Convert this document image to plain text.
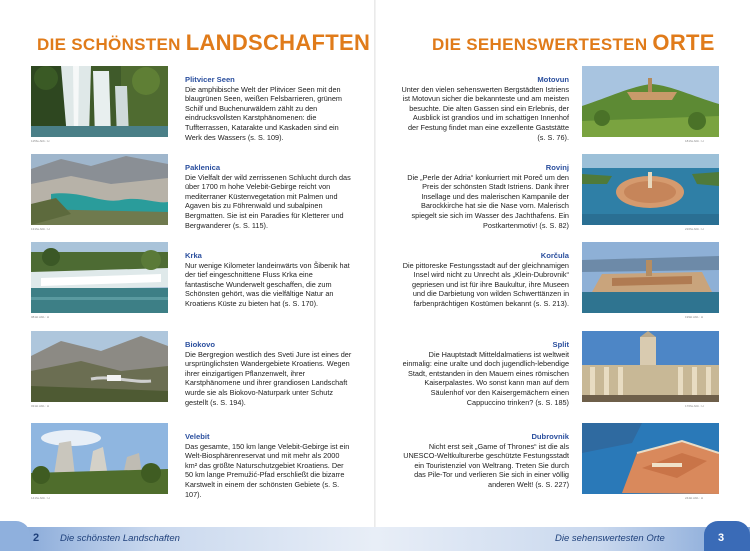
DIE SCHÖNSTEN LANDSCHAFTEN
115fw Abb.: H
Plitvicer Seen
Die amphibische Welt der Plitvicer Seen mit den blaugrünen Seen, weißen Felsbarrieren, grünem Schilf und Buchenurwäldern zählt zu den eindrucksvollsten Karstphänomenen: die Tuffterrassen, Katarakte und Kaskaden sind ein Werk des Wassers (s. S. 109).
131fw Abb.: H
Paklenica
Die Vielfalt der wild zerrissenen Schlucht durch das über 1700 m hohe Velebit-Gebirge reicht von mediterraner Küstenvegetation mit Palmen und Agaven bis zu Föhrenwald und subalpinen Bergmatten. Sie ist ein Paradies für Kletterer und Bergwanderer (s. S. 115).
081kt Abb.: H
Krka
Nur wenige Kilometer landeinwärts von Šibenik hat der tief eingeschnittene Fluss Krka eine fantastische Wunderwelt geschaffen, die zum Schönsten gehört, was die vielfältige Natur an Kroatiens Küste zu bieten hat (s. S. 170).
031kt Abb.: H
Biokovo
Die Bergregion westlich des Sveti Jure ist eines der ursprünglichsten Wandergebiete Kroatiens. Wegen ihrer einzigartigen Pflanzenwelt, ihrer Karstphänomene und ihrer grandiosen Landschaft wurde sie als Biokovo-Naturpark unter Schutz gestellt (s. S. 194).
141fw Abb.: H
Velebit
Das gesamte, 150 km lange Velebit-Gebirge ist ein Welt-Biosphärenreservat und mit mehr als 2000 km² das größte Naturschutzgebiet Kroatiens. Der 50 km lange Premužić-Pfad erschließt die bizarre Karstwelt in einem der schönsten Gebiete (s. S. 107).
DIE SEHENSWERTESTEN ORTE
Motovun
Unter den vielen sehenswerten Bergstädten Istriens ist Motovun sicher die bekannteste und am meisten besuchte. Die alten Gassen sind ein Erlebnis, der Ausblick ist grandios und im schattigen Innenhof der Festung findet man eine exzellente Gaststätte (s. S. 76).	181fw Abb.: H
Rovinj
Die „Perle der Adria“ konkurriert mit Poreč um den Preis der schönsten Stadt Istriens. Dank ihrer Insellage und des malerischen Kampanile der Barockkirche hat sie die Nase vorn. Malerisch spiegelt sie sich im Wasser des Jachthafens. Ein Postkartenmotiv! (s. S. 82)	216fw Abb.: H
Korčula
Die pittoreske Festungsstadt auf der gleichnamigen Insel wird nicht zu Unrecht als „Klein-Dubrovnik“ gepriesen und ist für ihre Baukultur, ihre Museen und die Darbietung von wilden Schwerttänzen in farbenprächtigen Kostümen bekannt (s. S. 213).
199kt Abb.: H
Split
Die Hauptstadt Mitteldalmatiens ist weltweit einmalig: eine uralte und doch jugendlich-lebendige Stadt, entstanden in den Mauern eines römischen Kaiserpalastes. Wo sonst kann man auf dem Säulenhof vor den Kaisergemächern einen Cappuccino trinken? (s. S. 185)	176fw Abb.: H
Dubrovnik
Nicht erst seit „Game of Thrones“ ist die als UNESCO-Weltkulturerbe geschützte Festungsstadt ein Touristenziel von Weltrang. Treten Sie durch das Pile-Tor und verlieren Sie sich in einer völlig anderen Welt! (s. S. 227)
244kt Abb.: H
2 Die schönsten Landschaften	Die sehenswertesten Orte	3
